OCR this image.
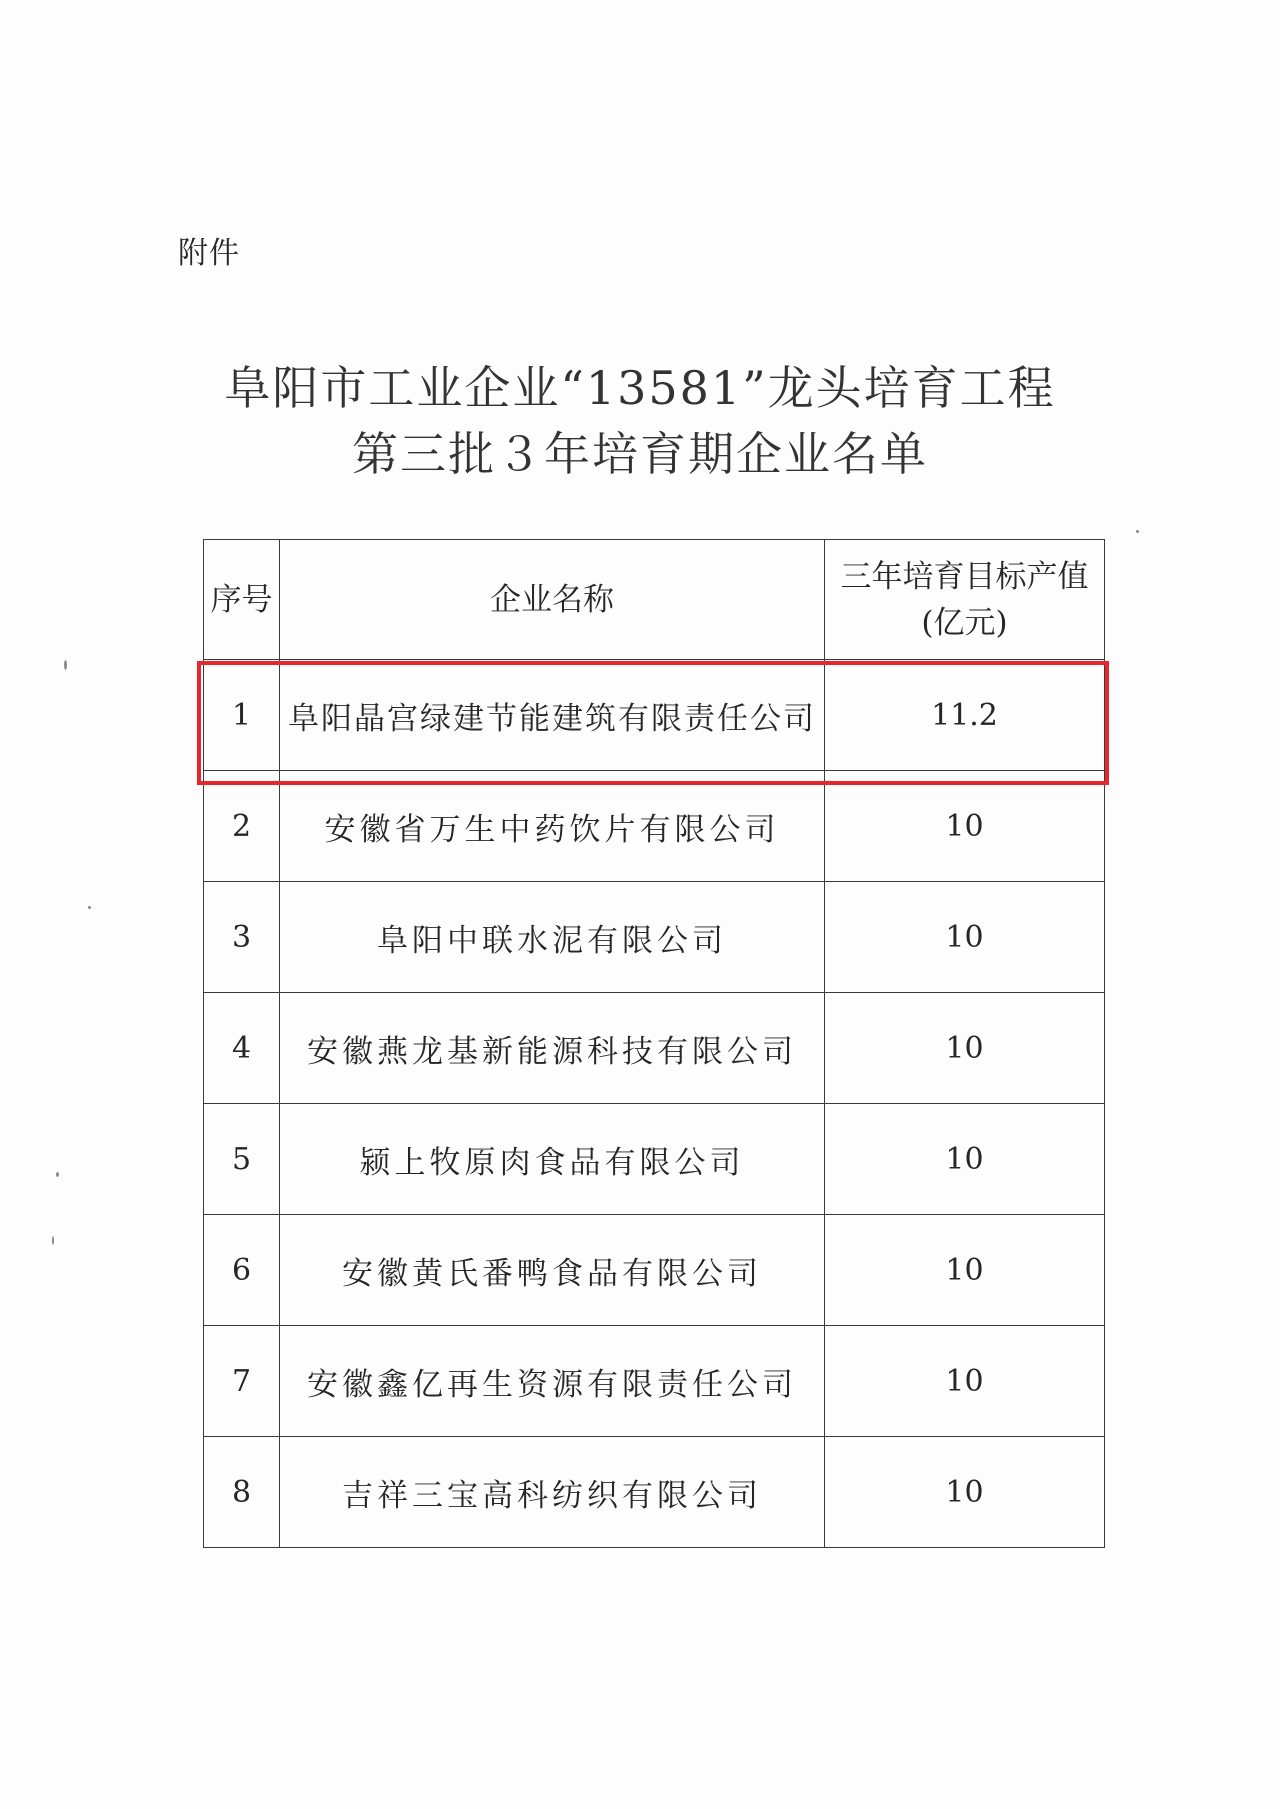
附件
阜阳市工业企业“13581”龙头培育工程
第三批３年培育期企业名单
序号	企业名称	三年培育目标产值
(亿元)

1	阜阳晶宫绿建节能建筑有限责任公司	11.2
2	安徽省万生中药饮片有限公司	10
3	阜阳中联水泥有限公司	10
4	安徽燕龙基新能源科技有限公司	10
5	颍上牧原肉食品有限公司	10
6	安徽黄氏番鸭食品有限公司	10
7	安徽鑫亿再生资源有限责任公司	10
8	吉祥三宝高科纺织有限公司	10
